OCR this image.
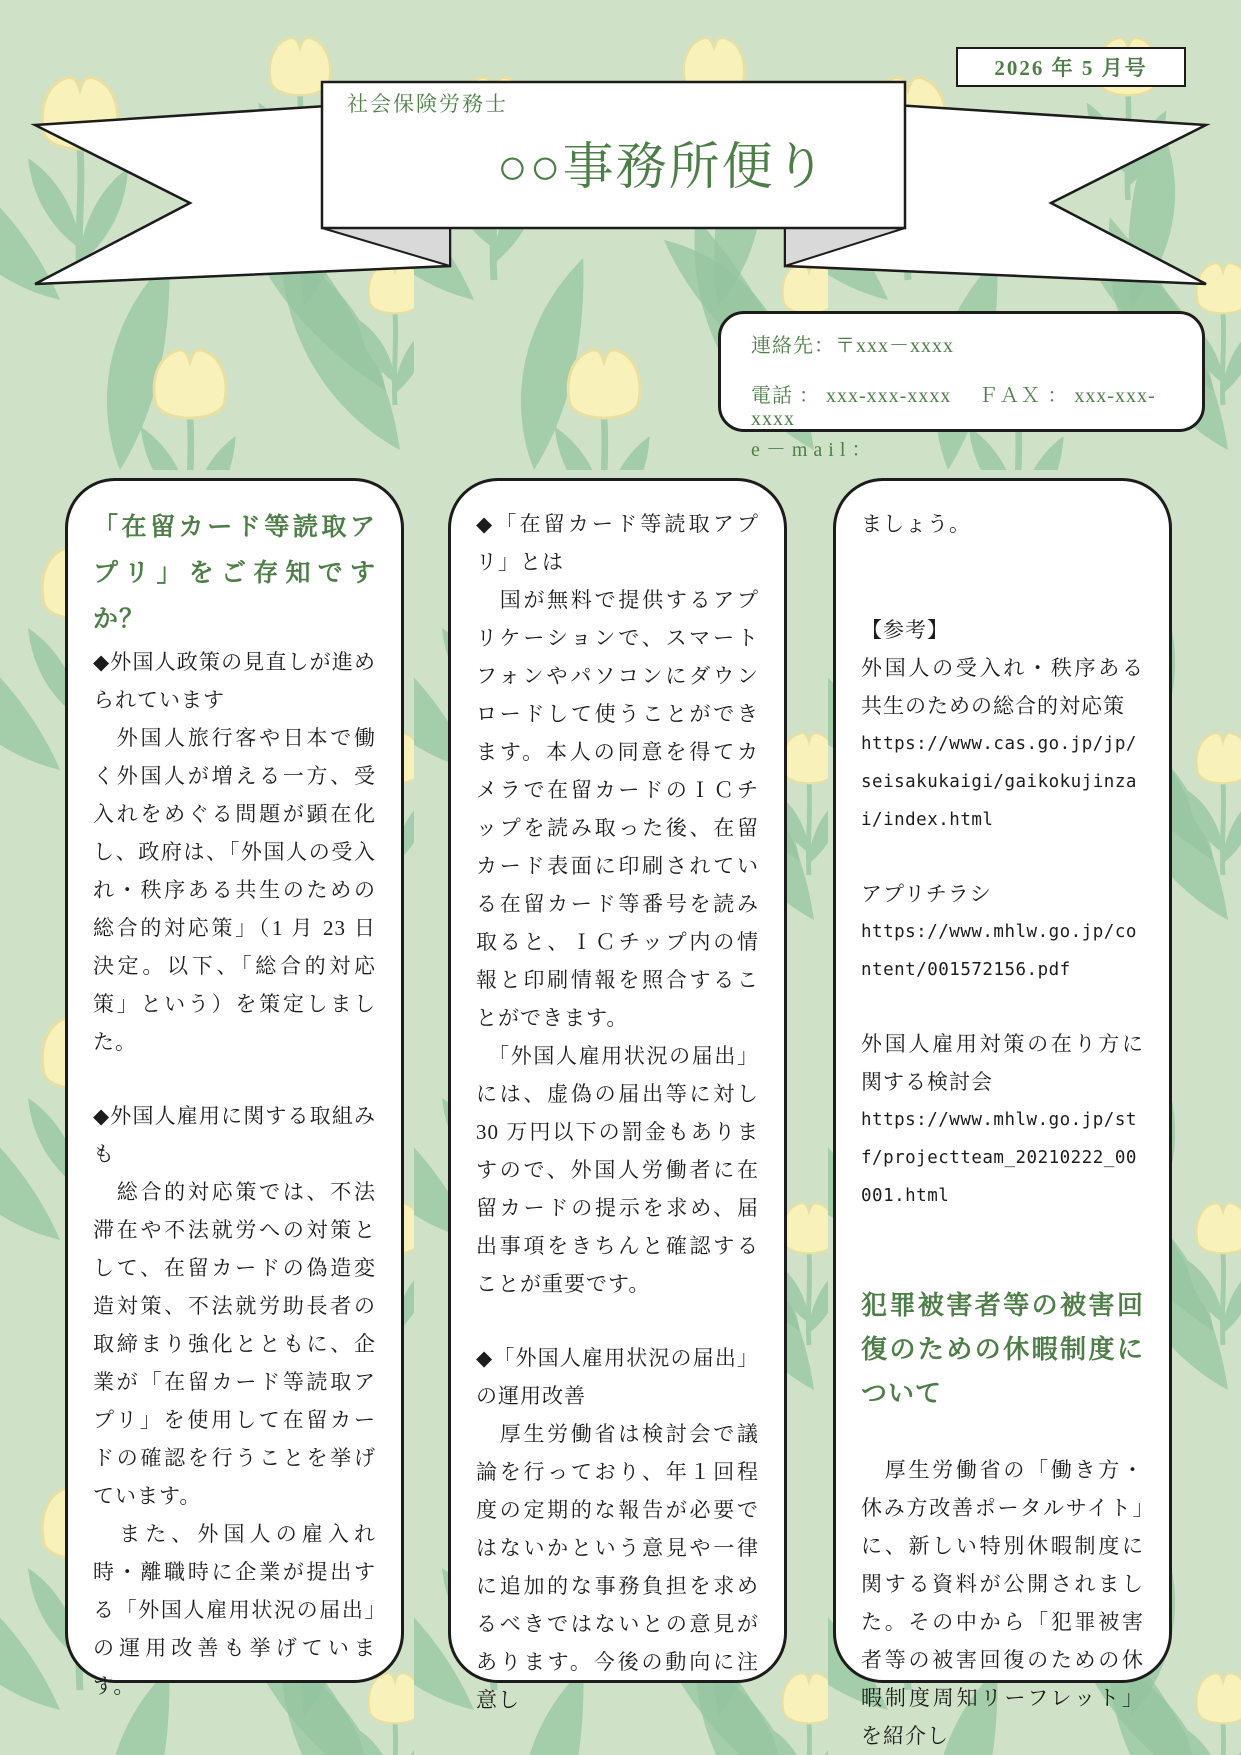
2026 年 5 月号
社会保険労務士
○○事務所便り
連絡先：〒xxx－xxxx
電話 ： xxx-xxx-xxxx　 ＦＡＸ ： xxx-xxx-xxxx
e－mail：

「在留カード等読取アプリ」をご存知ですか？

◆外国人政策の見直しが進められています

　外国人旅行客や日本で働く外国人が増える一方、受入れをめぐる問題が顕在化し、政府は、「外国人の受入れ・秩序ある共生のための総合的対応策」（1 月 23 日決定。以下、「総合的対応策」という）を策定しました。

◆外国人雇用に関する取組みも

　総合的対応策では、不法滞在や不法就労への対策として、在留カードの偽造変造対策、不法就労助長者の取締まり強化とともに、企業が「在留カード等読取アプリ」を使用して在留カードの確認を行うことを挙げています。

　また、外国人の雇入れ時・離職時に企業が提出する「外国人雇用状況の届出」の運用改善も挙げています。

◆「在留カード等読取アプリ」とは

　国が無料で提供するアプリケーションで、スマートフォンやパソコンにダウンロードして使うことができます。本人の同意を得てカメラで在留カードのＩＣチップを読み取った後、在留カード表面に印刷されている在留カード等番号を読み取ると、ＩＣチップ内の情報と印刷情報を照合することができます。

　「外国人雇用状況の届出」には、虚偽の届出等に対し 30 万円以下の罰金もありますので、外国人労働者に在留カードの提示を求め、届出事項をきちんと確認することが重要です。

◆「外国人雇用状況の届出」の運用改善

　厚生労働省は検討会で議論を行っており、年１回程度の定期的な報告が必要ではないかという意見や一律に追加的な事務負担を求めるべきではないとの意見があります。今後の動向に注意し

ましょう。

【参考】

外国人の受入れ・秩序ある共生のための総合的対応策

https://www.cas.go.jp/jp/seisakukaigi/gaikokujinzai/index.html

アプリチラシ

https://www.mhlw.go.jp/content/001572156.pdf

外国人雇用対策の在り方に関する検討会

https://www.mhlw.go.jp/stf/projectteam_20210222_00001.html

犯罪被害者等の被害回復のための休暇制度について

　厚生労働省の「働き方・休み方改善ポータルサイト」に、新しい特別休暇制度に関する資料が公開されました。その中から「犯罪被害者等の被害回復のための休暇制度周知リーフレット」を紹介し
